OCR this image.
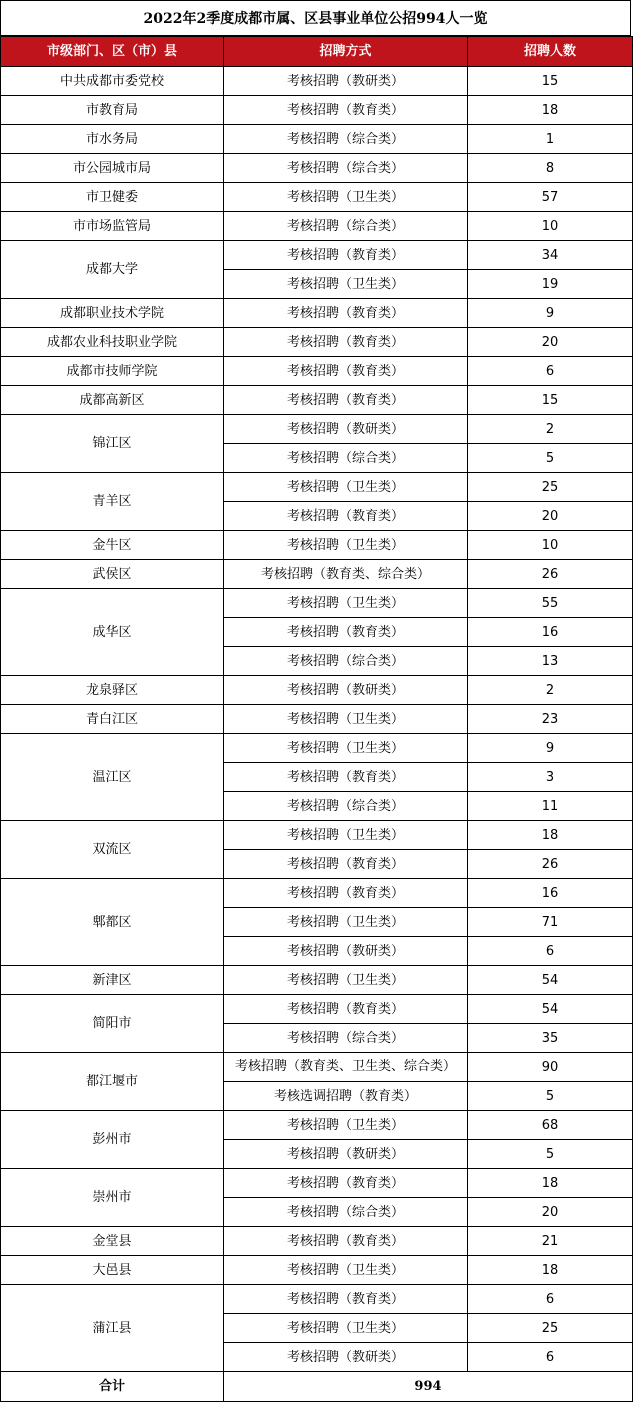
2022年2季度成都市属、区县事业单位公招994人一览
市级部门、区（市）县	招聘方式	招聘人数
中共成都市委党校	考核招聘（教研类）	15
市教育局	考核招聘（教育类）	18
市水务局	考核招聘（综合类）	1
市公园城市局	考核招聘（综合类）	8
市卫健委	考核招聘（卫生类）	57
市市场监管局	考核招聘（综合类）	10
成都大学	考核招聘（教育类）	34
	考核招聘（卫生类）	19
成都职业技术学院	考核招聘（教育类）	9
成都农业科技职业学院	考核招聘（教育类）	20
成都市技师学院	考核招聘（教育类）	6
成都高新区	考核招聘（教育类）	15
锦江区	考核招聘（教研类）	2
	考核招聘（综合类）	5
青羊区	考核招聘（卫生类）	25
	考核招聘（教育类）	20
金牛区	考核招聘（卫生类）	10
武侯区	考核招聘（教育类、综合类）	26
成华区	考核招聘（卫生类）	55
	考核招聘（教育类）	16
	考核招聘（综合类）	13
龙泉驿区	考核招聘（教研类）	2
青白江区	考核招聘（卫生类）	23
温江区	考核招聘（卫生类）	9
	考核招聘（教育类）	3
	考核招聘（综合类）	11
双流区	考核招聘（卫生类）	18
	考核招聘（教育类）	26
郫都区	考核招聘（教育类）	16
	考核招聘（卫生类）	71
	考核招聘（教研类）	6
新津区	考核招聘（卫生类）	54
简阳市	考核招聘（教育类）	54
	考核招聘（综合类）	35
都江堰市	考核招聘（教育类、卫生类、综合类）	90
	考核选调招聘（教育类）	5
彭州市	考核招聘（卫生类）	68
	考核招聘（教研类）	5
崇州市	考核招聘（教育类）	18
	考核招聘（综合类）	20
金堂县	考核招聘（教育类）	21
大邑县	考核招聘（卫生类）	18
蒲江县	考核招聘（教育类）	6
	考核招聘（卫生类）	25
	考核招聘（教研类）	6
合计	994	
